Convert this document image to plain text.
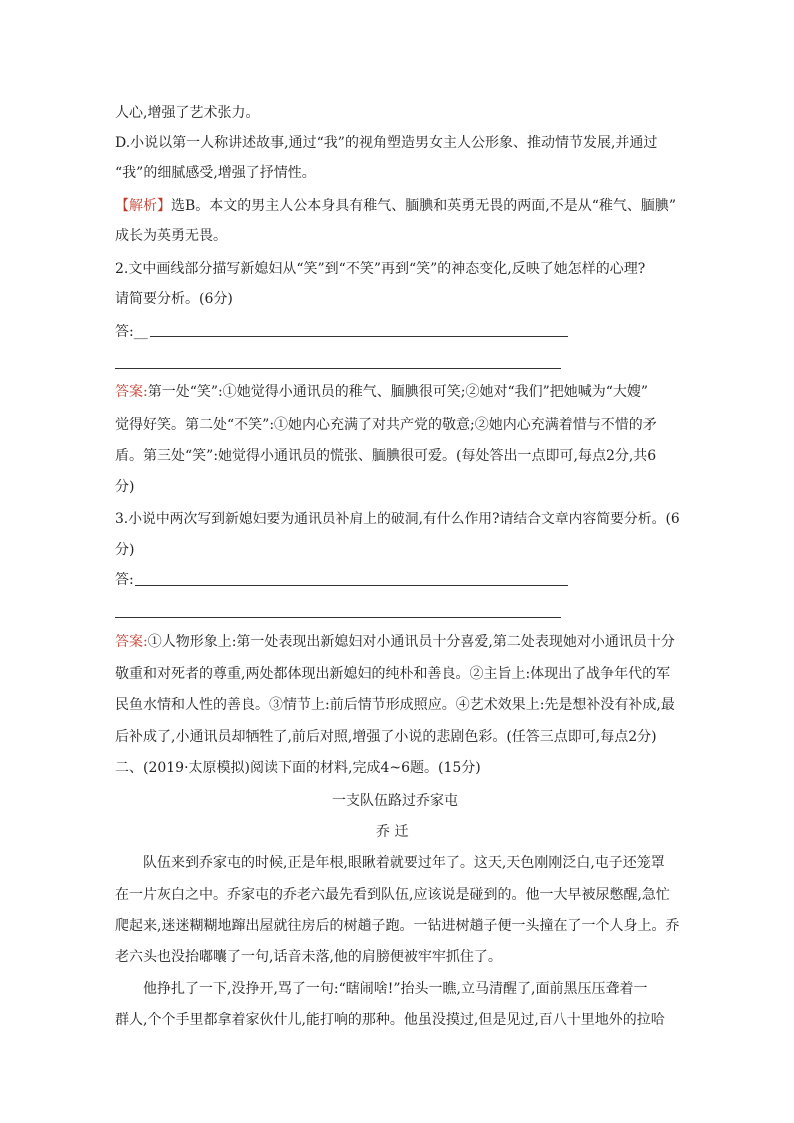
人心,增强了艺术张力。
D.小说以第一人称讲述故事,通过“我”的视角塑造男女主人公形象、推动情节发展,并通过
“我”的细腻感受,增强了抒情性。
【解析】选B。本文的男主人公本身具有稚气、腼腆和英勇无畏的两面,不是从“稚气、腼腆”
成长为英勇无畏。
2.文中画线部分描写新媳妇从“笑”到“不笑”再到“笑”的神态变化,反映了她怎样的心理?
请简要分析。(6分)
答:__
答案:第一处“笑”:①她觉得小通讯员的稚气、腼腆很可笑;②她对“我们”把她喊为“大嫂”
觉得好笑。第二处“不笑”:①她内心充满了对共产党的敬意;②她内心充满着惜与不惜的矛
盾。第三处“笑”:她觉得小通讯员的慌张、腼腆很可爱。(每处答出一点即可,每点2分,共6
分)
3.小说中两次写到新媳妇要为通讯员补肩上的破洞,有什么作用?请结合文章内容简要分析。(6
分)
答:
答案:①人物形象上:第一处表现出新媳妇对小通讯员十分喜爱,第二处表现她对小通讯员十分
敬重和对死者的尊重,两处都体现出新媳妇的纯朴和善良。②主旨上:体现出了战争年代的军
民鱼水情和人性的善良。③情节上:前后情节形成照应。④艺术效果上:先是想补没有补成,最
后补成了,小通讯员却牺牲了,前后对照,增强了小说的悲剧色彩。(任答三点即可,每点2分)
二、(2019·太原模拟)阅读下面的材料,完成4~6题。(15分)
一支队伍路过乔家屯
乔 迁
队伍来到乔家屯的时候,正是年根,眼瞅着就要过年了。这天,天色刚刚泛白,屯子还笼罩
在一片灰白之中。乔家屯的乔老六最先看到队伍,应该说是碰到的。他一大早被尿憋醒,急忙
爬起来,迷迷糊糊地蹿出屋就往房后的树趟子跑。一钻进树趟子便一头撞在了一个人身上。乔
老六头也没抬嘟囔了一句,话音未落,他的肩膀便被牢牢抓住了。
他挣扎了一下,没挣开,骂了一句:“瞎闹啥!”抬头一瞧,立马清醒了,面前黑压压聋着一
群人,个个手里都拿着家伙什儿,能打响的那种。他虽没摸过,但是见过,百八十里地外的拉哈
